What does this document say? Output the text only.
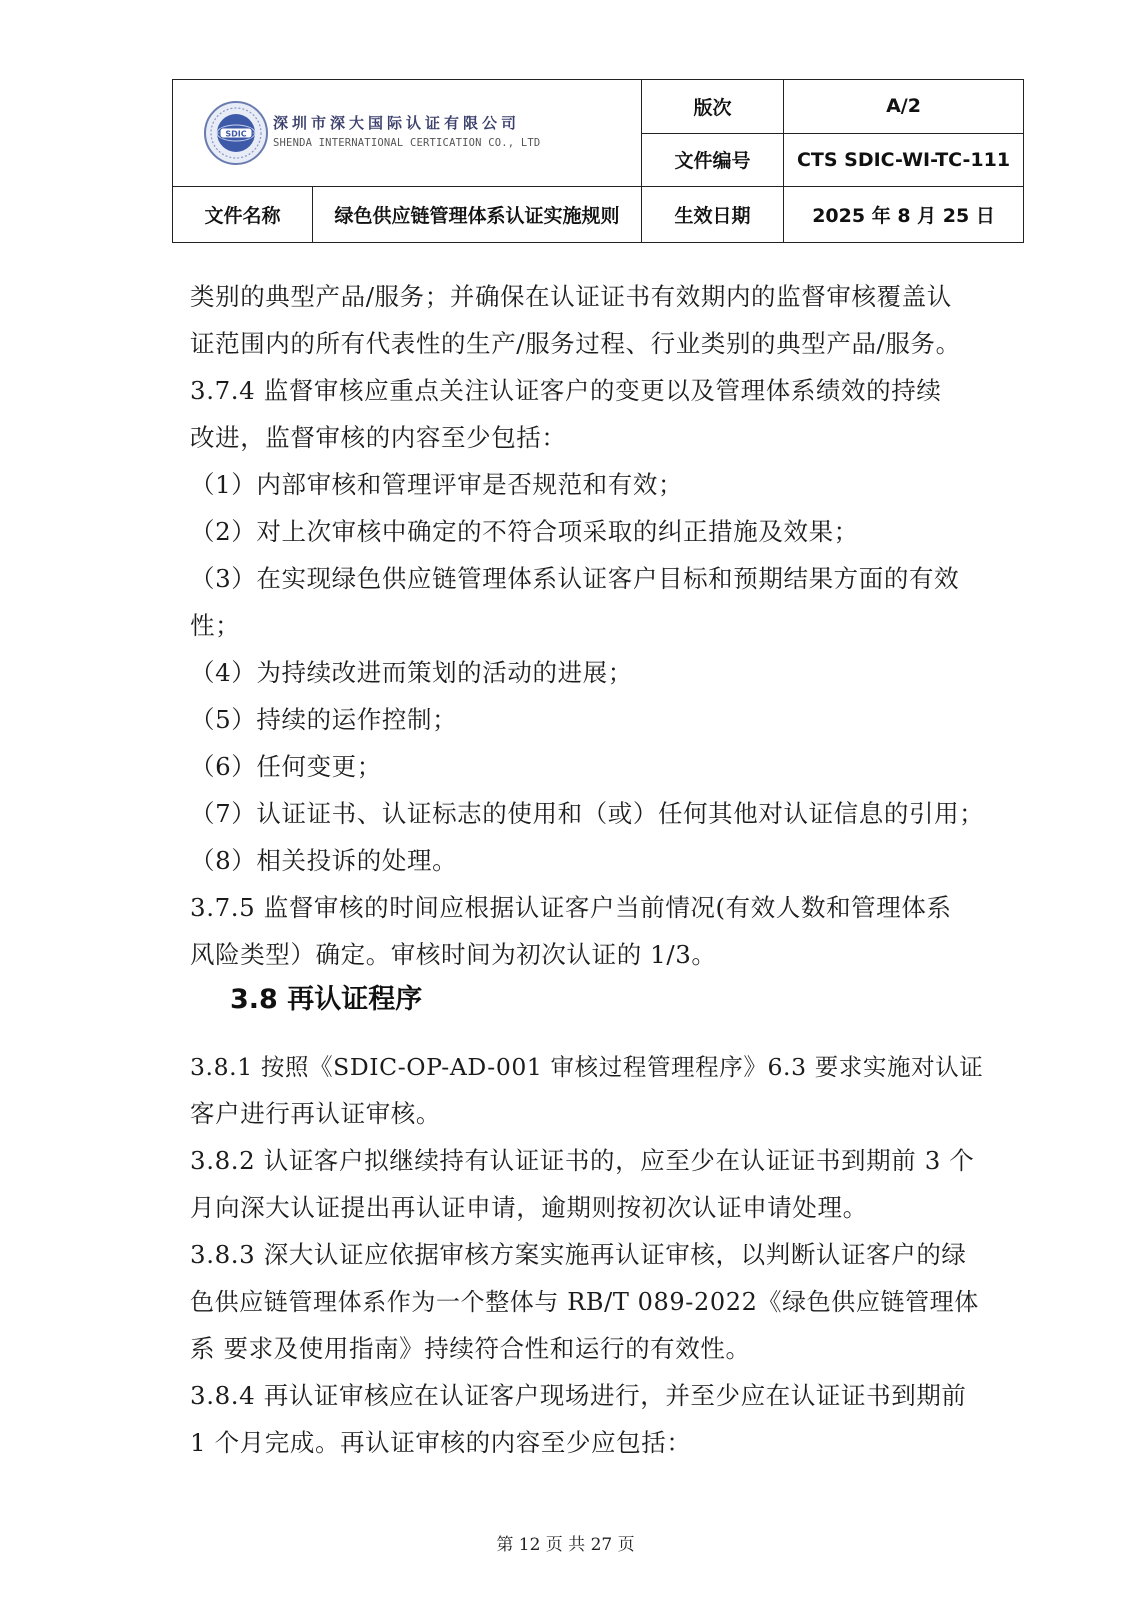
SDIC
深圳市深大国际认证有限公司
SHENDA INTERNATIONAL CERTICATION CO., LTD		版次	A/2
		文件编号	CTS SDIC-WI-TC-111
文件名称	绿色供应链管理体系认证实施规则	生效日期	2025 年 8 月 25 日
类别的典型产品/服务；并确保在认证证书有效期内的监督审核覆盖认
证范围内的所有代表性的生产/服务过程、行业类别的典型产品/服务。
3.7.4 监督审核应重点关注认证客户的变更以及管理体系绩效的持续
改进，监督审核的内容至少包括：
（1）内部审核和管理评审是否规范和有效；
（2）对上次审核中确定的不符合项采取的纠正措施及效果；
（3）在实现绿色供应链管理体系认证客户目标和预期结果方面的有效
性；
（4）为持续改进而策划的活动的进展；
（5）持续的运作控制；
（6）任何变更；
（7）认证证书、认证标志的使用和（或）任何其他对认证信息的引用；
（8）相关投诉的处理。
3.7.5 监督审核的时间应根据认证客户当前情况(有效人数和管理体系
风险类型）确定。审核时间为初次认证的 1/3。
3.8 再认证程序
3.8.1 按照《SDIC-OP-AD-001 审核过程管理程序》6.3 要求实施对认证
客户进行再认证审核。
3.8.2 认证客户拟继续持有认证证书的，应至少在认证证书到期前 3 个
月向深大认证提出再认证申请，逾期则按初次认证申请处理。
3.8.3 深大认证应依据审核方案实施再认证审核，以判断认证客户的绿
色供应链管理体系作为一个整体与 RB/T 089-2022《绿色供应链管理体
系 要求及使用指南》持续符合性和运行的有效性。
3.8.4 再认证审核应在认证客户现场进行，并至少应在认证证书到期前
1 个月完成。再认证审核的内容至少应包括：
第 12 页 共 27 页
